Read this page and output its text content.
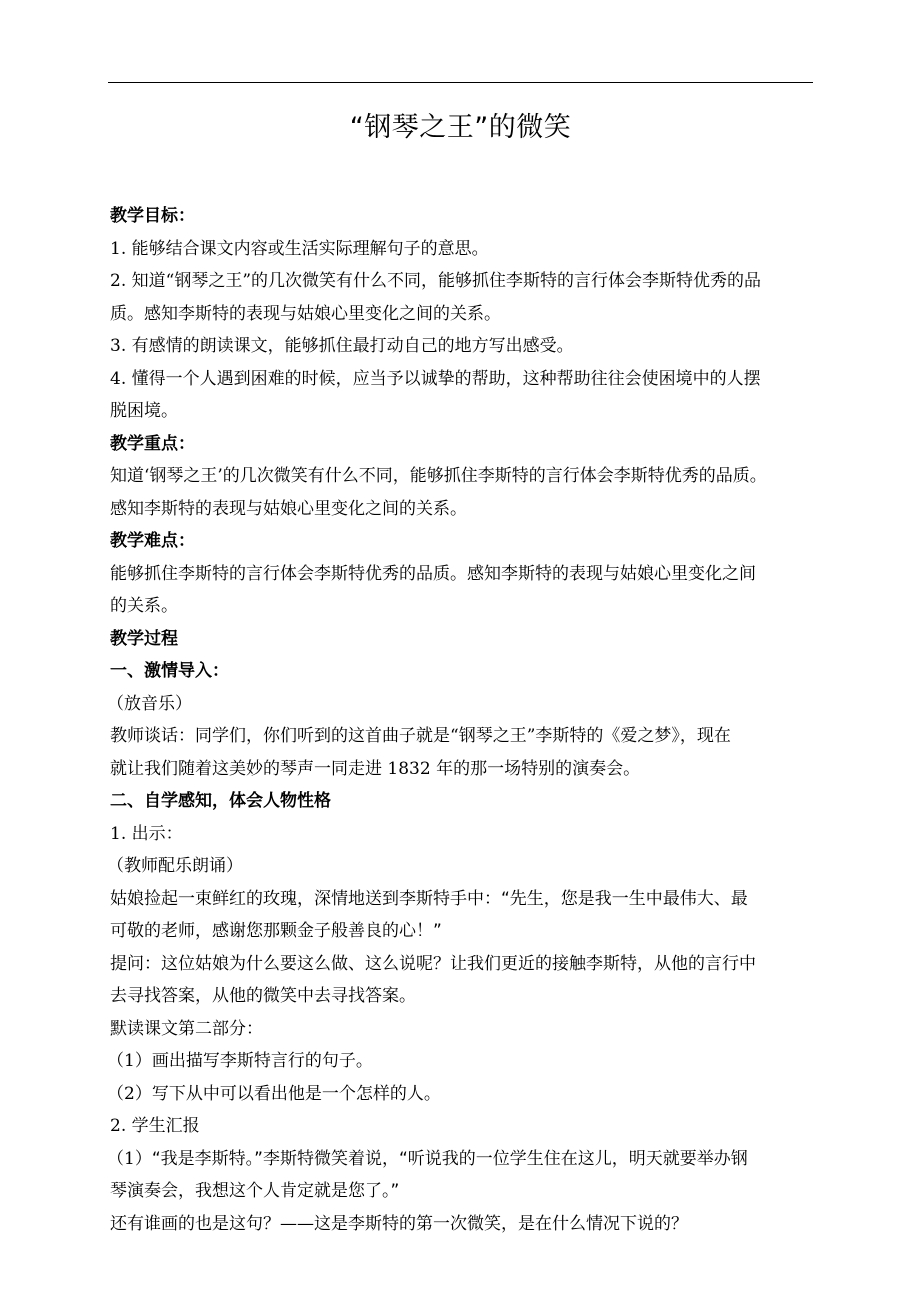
“钢琴之王”的微笑
教学目标：
1. 能够结合课文内容或生活实际理解句子的意思。
2. 知道“钢琴之王”的几次微笑有什么不同，能够抓住李斯特的言行体会李斯特优秀的品
质。感知李斯特的表现与姑娘心里变化之间的关系。
3. 有感情的朗读课文，能够抓住最打动自己的地方写出感受。
4. 懂得一个人遇到困难的时候，应当予以诚挚的帮助，这种帮助往往会使困境中的人摆
脱困境。
教学重点：
知道‘钢琴之王’的几次微笑有什么不同，能够抓住李斯特的言行体会李斯特优秀的品质。
感知李斯特的表现与姑娘心里变化之间的关系。
教学难点：
能够抓住李斯特的言行体会李斯特优秀的品质。感知李斯特的表现与姑娘心里变化之间
的关系。
教学过程
一、激情导入：
（放音乐）
教师谈话：同学们，你们听到的这首曲子就是“钢琴之王”李斯特的《爱之梦》，现在
就让我们随着这美妙的琴声一同走进 1832 年的那一场特别的演奏会。
二、自学感知，体会人物性格
1. 出示：
（教师配乐朗诵）
姑娘捡起一束鲜红的玫瑰，深情地送到李斯特手中：“先生，您是我一生中最伟大、最
可敬的老师，感谢您那颗金子般善良的心！”
提问：这位姑娘为什么要这么做、这么说呢？让我们更近的接触李斯特，从他的言行中
去寻找答案，从他的微笑中去寻找答案。
默读课文第二部分：
（1）画出描写李斯特言行的句子。
（2）写下从中可以看出他是一个怎样的人。
2. 学生汇报
（1）“我是李斯特。”李斯特微笑着说，“听说我的一位学生住在这儿，明天就要举办钢
琴演奏会，我想这个人肯定就是您了。”
还有谁画的也是这句？——这是李斯特的第一次微笑，是在什么情况下说的？
